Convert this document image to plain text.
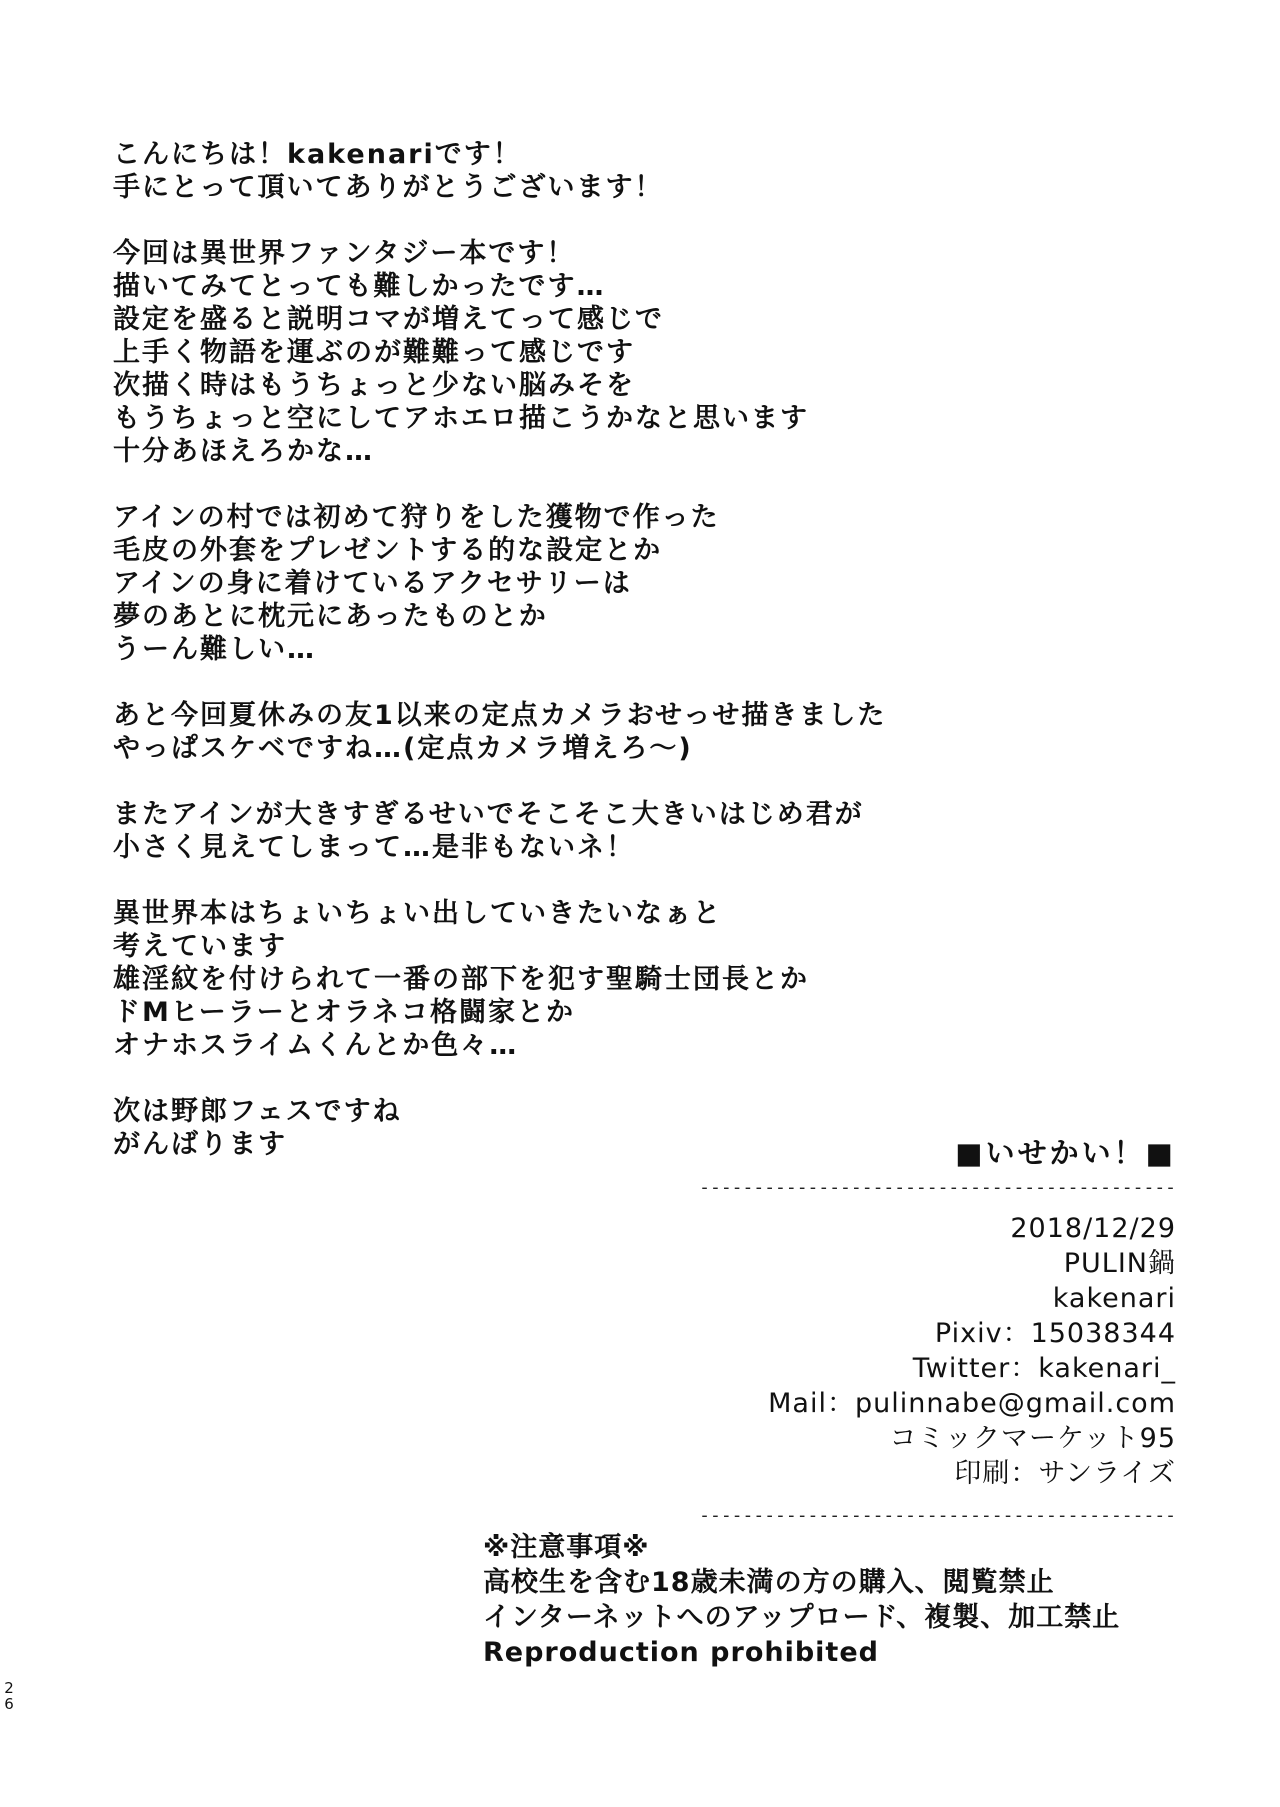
こんにちは！kakenariです！
手にとって頂いてありがとうございます！
今回は異世界ファンタジー本です！
描いてみてとっても難しかったです…
設定を盛ると説明コマが増えてって感じで
上手く物語を運ぶのが難難って感じです
次描く時はもうちょっと少ない脳みそを
もうちょっと空にしてアホエロ描こうかなと思います
十分あほえろかな…
アインの村では初めて狩りをした獲物で作った
毛皮の外套をプレゼントする的な設定とか
アインの身に着けているアクセサリーは
夢のあとに枕元にあったものとか
うーん難しい…
あと今回夏休みの友1以来の定点カメラおせっせ描きました
やっぱスケベですね…(定点カメラ増えろ～)
またアインが大きすぎるせいでそこそこ大きいはじめ君が
小さく見えてしまって…是非もないネ！
異世界本はちょいちょい出していきたいなぁと
考えています
雄淫紋を付けられて一番の部下を犯す聖騎士団長とか
ドMヒーラーとオラネコ格闘家とか
オナホスライムくんとか色々…
次は野郎フェスですね
がんばります	■いせかい！■
--------------------------------------------
2018/12/29
PULIN鍋
kakenari
Pixiv：15038344
Twitter：kakenari_
Mail：pulinnabe@gmail.com
コミックマーケット95
印刷：サンライズ
--------------------------------------------
※注意事項※
高校生を含む18歳未満の方の購入、閲覧禁止
インターネットへのアップロード、複製、加工禁止
Reproduction prohibited
2
6
